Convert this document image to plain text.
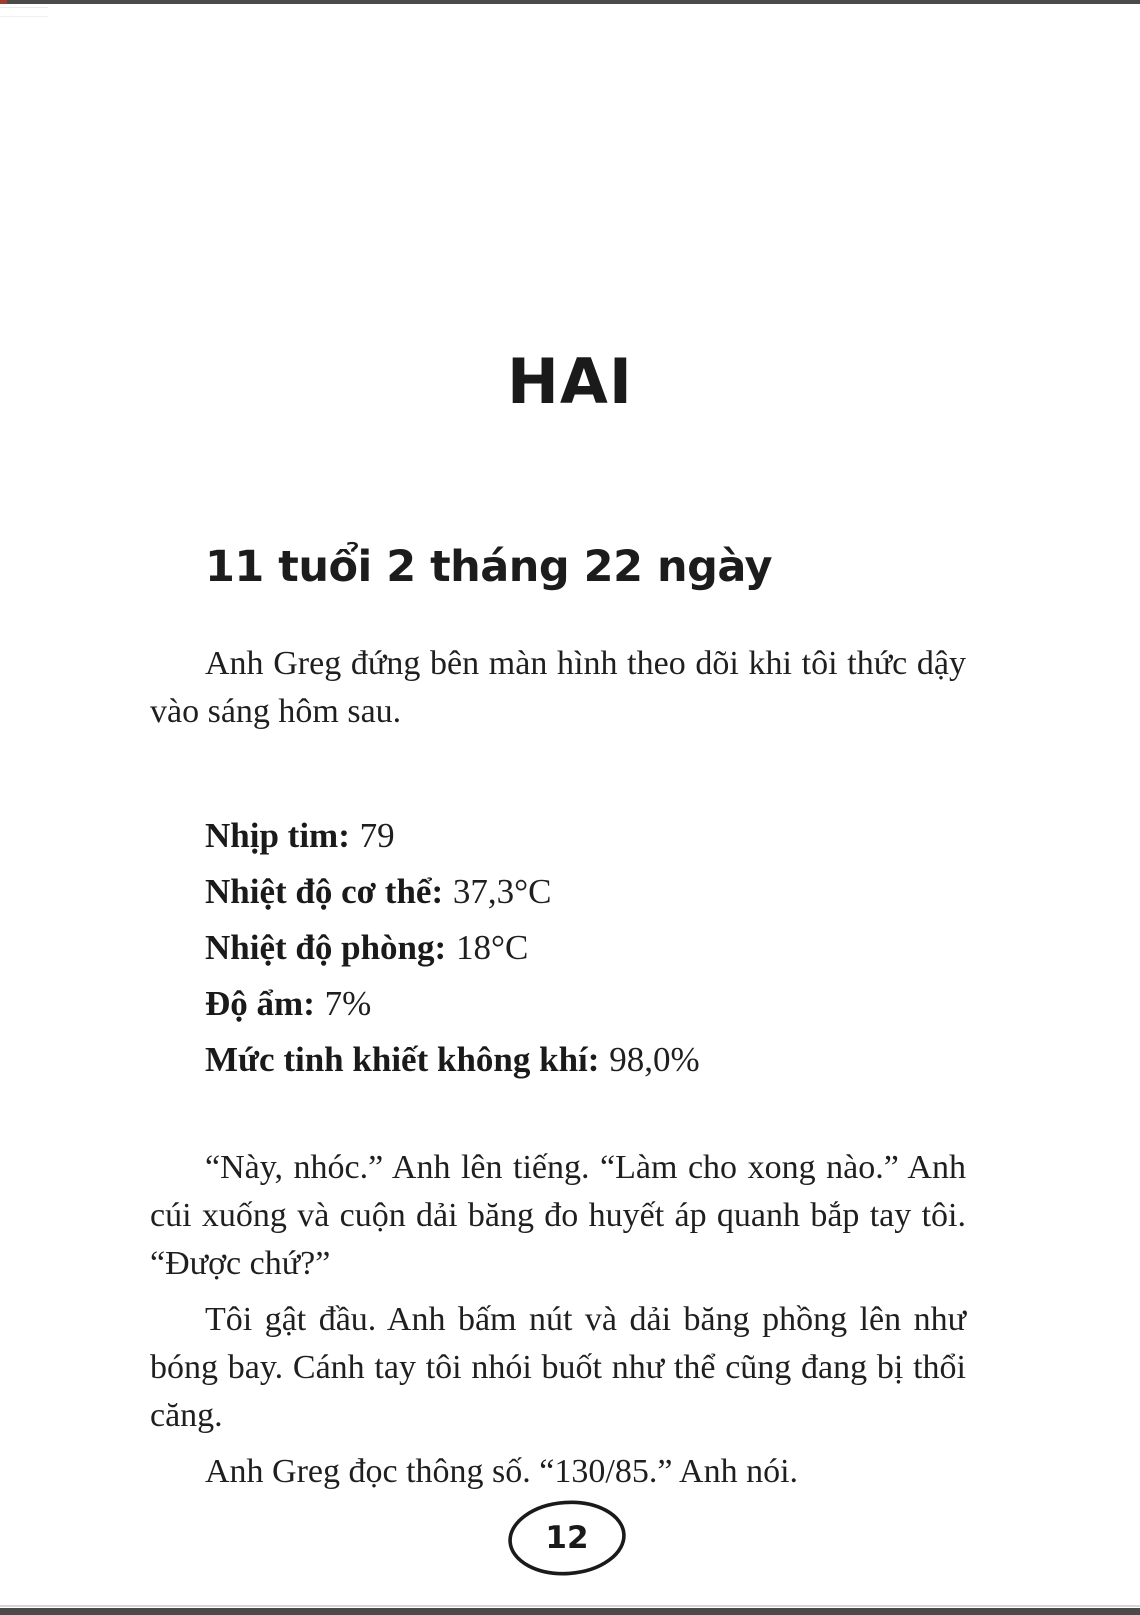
HAI
11 tuổi 2 tháng 22 ngày

Anh Greg đứng bên màn hình theo dõi khi tôi thức dậy vào sáng hôm sau.

Nhịp tim: 79
Nhiệt độ cơ thể: 37,3°C
Nhiệt độ phòng: 18°C
Độ ẩm: 7%
Mức tinh khiết không khí: 98,0%

“Này, nhóc.” Anh lên tiếng. “Làm cho xong nào.” Anh cúi xuống và cuộn dải băng đo huyết áp quanh bắp tay tôi. “Được chứ?”

Tôi gật đầu. Anh bấm nút và dải băng phồng lên như bóng bay. Cánh tay tôi nhói buốt như thể cũng đang bị thổi căng.

Anh Greg đọc thông số. “130/85.” Anh nói.

12
